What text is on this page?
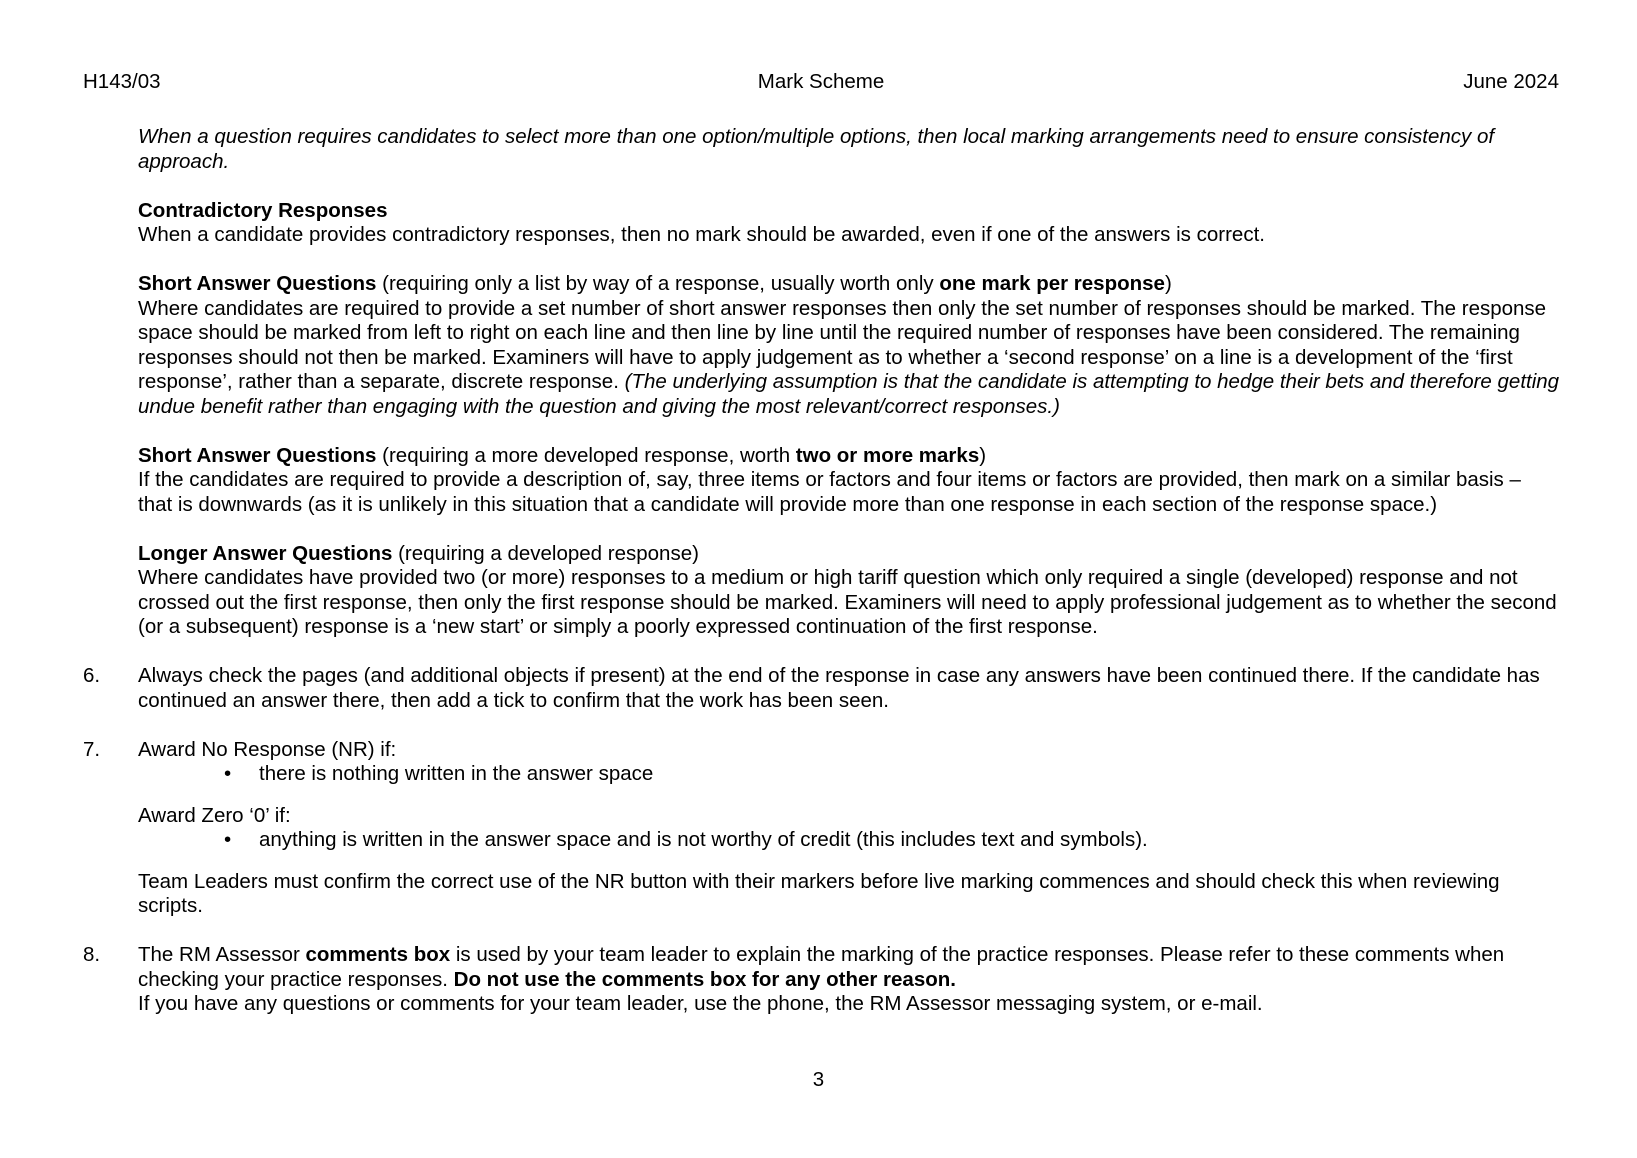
H143/03	Mark Scheme	June 2024

When a question requires candidates to select more than one option/multiple options, then local marking arrangements need to ensure consistency of approach.

Contradictory Responses

When a candidate provides contradictory responses, then no mark should be awarded, even if one of the answers is correct.

Short Answer Questions (requiring only a list by way of a response, usually worth only one mark per response)

Where candidates are required to provide a set number of short answer responses then only the set number of responses should be marked. The response space should be marked from left to right on each line and then line by line until the required number of responses have been considered. The remaining responses should not then be marked. Examiners will have to apply judgement as to whether a ‘second response’ on a line is a development of the ‘first response’, rather than a separate, discrete response. (The underlying assumption is that the candidate is attempting to hedge their bets and therefore getting undue benefit rather than engaging with the question and giving the most relevant/correct responses.)

Short Answer Questions (requiring a more developed response, worth two or more marks)

If the candidates are required to provide a description of, say, three items or factors and four items or factors are provided, then mark on a similar basis – that is downwards (as it is unlikely in this situation that a candidate will provide more than one response in each section of the response space.)

Longer Answer Questions (requiring a developed response)

Where candidates have provided two (or more) responses to a medium or high tariff question which only required a single (developed) response and not crossed out the first response, then only the first response should be marked. Examiners will need to apply professional judgement as to whether the second (or a subsequent) response is a ‘new start’ or simply a poorly expressed continuation of the first response.

6. Always check the pages (and additional objects if present) at the end of the response in case any answers have been continued there. If the candidate has continued an answer there, then add a tick to confirm that the work has been seen.

7. Award No Response (NR) if:

• there is nothing written in the answer space

Award Zero ‘0’ if:

• anything is written in the answer space and is not worthy of credit (this includes text and symbols).

Team Leaders must confirm the correct use of the NR button with their markers before live marking commences and should check this when reviewing scripts.

8. The RM Assessor comments box is used by your team leader to explain the marking of the practice responses. Please refer to these comments when checking your practice responses. Do not use the comments box for any other reason.

If you have any questions or comments for your team leader, use the phone, the RM Assessor messaging system, or e-mail.

3
